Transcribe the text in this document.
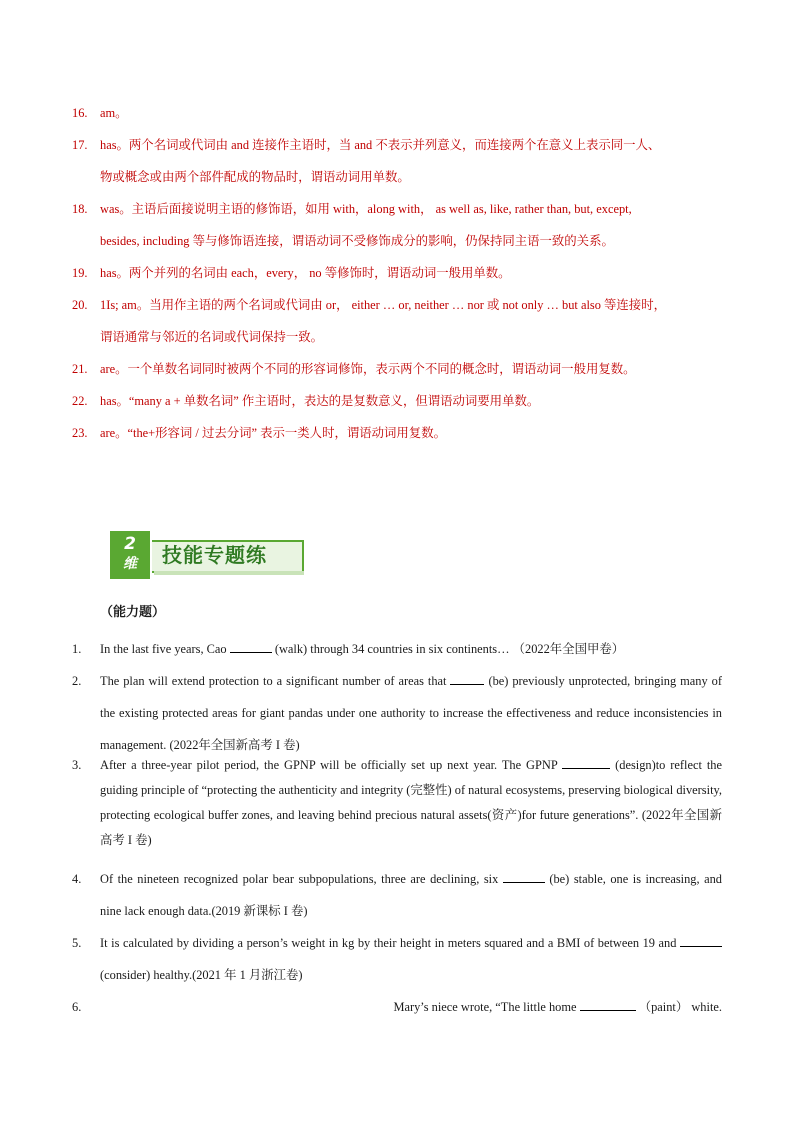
16. am。
17. has。两个名词或代词由 and 连接作主语时，当 and 不表示并列意义，而连接两个在意义上表示同一人、
物或概念或由两个部件配成的物品时，谓语动词用单数。
18. was。主语后面接说明主语的修饰语，如用 with，along with， as well as, like, rather than, but, except,
besides, including 等与修饰语连接，谓语动词不受修饰成分的影响，仍保持同主语一致的关系。
19. has。两个并列的名词由 each，every， no 等修饰时，谓语动词一般用单数。
20. 1Is; am。当用作主语的两个名词或代词由 or， either … or, neither … nor 或 not only … but also 等连接时，
谓语通常与邻近的名词或代词保持一致。
21. are。一个单数名词同时被两个不同的形容词修饰，表示两个不同的概念时，谓语动词一般用复数。
22. has。“many a + 单数名词” 作主语时，表达的是复数意义，但谓语动词要用单数。
23. are。“the+形容词 / 过去分词” 表示一类人时，谓语动词用复数。
2
维	技能专题练
（能力题）
1. In the last five years, Cao	(walk) through 34 countries in six continents… （2022年全国甲卷）
2. The plan will extend protection to a significant number of areas that	(be) previously unprotected, bringing many of the existing protected areas for giant pandas under one authority to increase the effectiveness and reduce inconsistencies in management. (2022年全国新高考 I 卷)
3. After a three-year pilot period, the GPNP will be officially set up next year. The GPNP	(design)to reflect the guiding principle of “protecting the authenticity and integrity (完整性) of natural ecosystems, preserving biological diversity, protecting ecological buffer zones, and leaving behind precious natural assets(资产)for future generations”. (2022年全国新高考 I 卷)
4. Of the nineteen recognized polar bear subpopulations, three are declining, six	(be) stable, one is increasing, and nine lack enough data.(2019 新课标 I 卷)
5. It is calculated by dividing a person’s weight in kg by their height in meters squared and a BMI of between 19 and (consider) healthy.(2021 年 1 月浙江卷)
6.	Mary’s niece wrote, “The little home	（paint） white.
